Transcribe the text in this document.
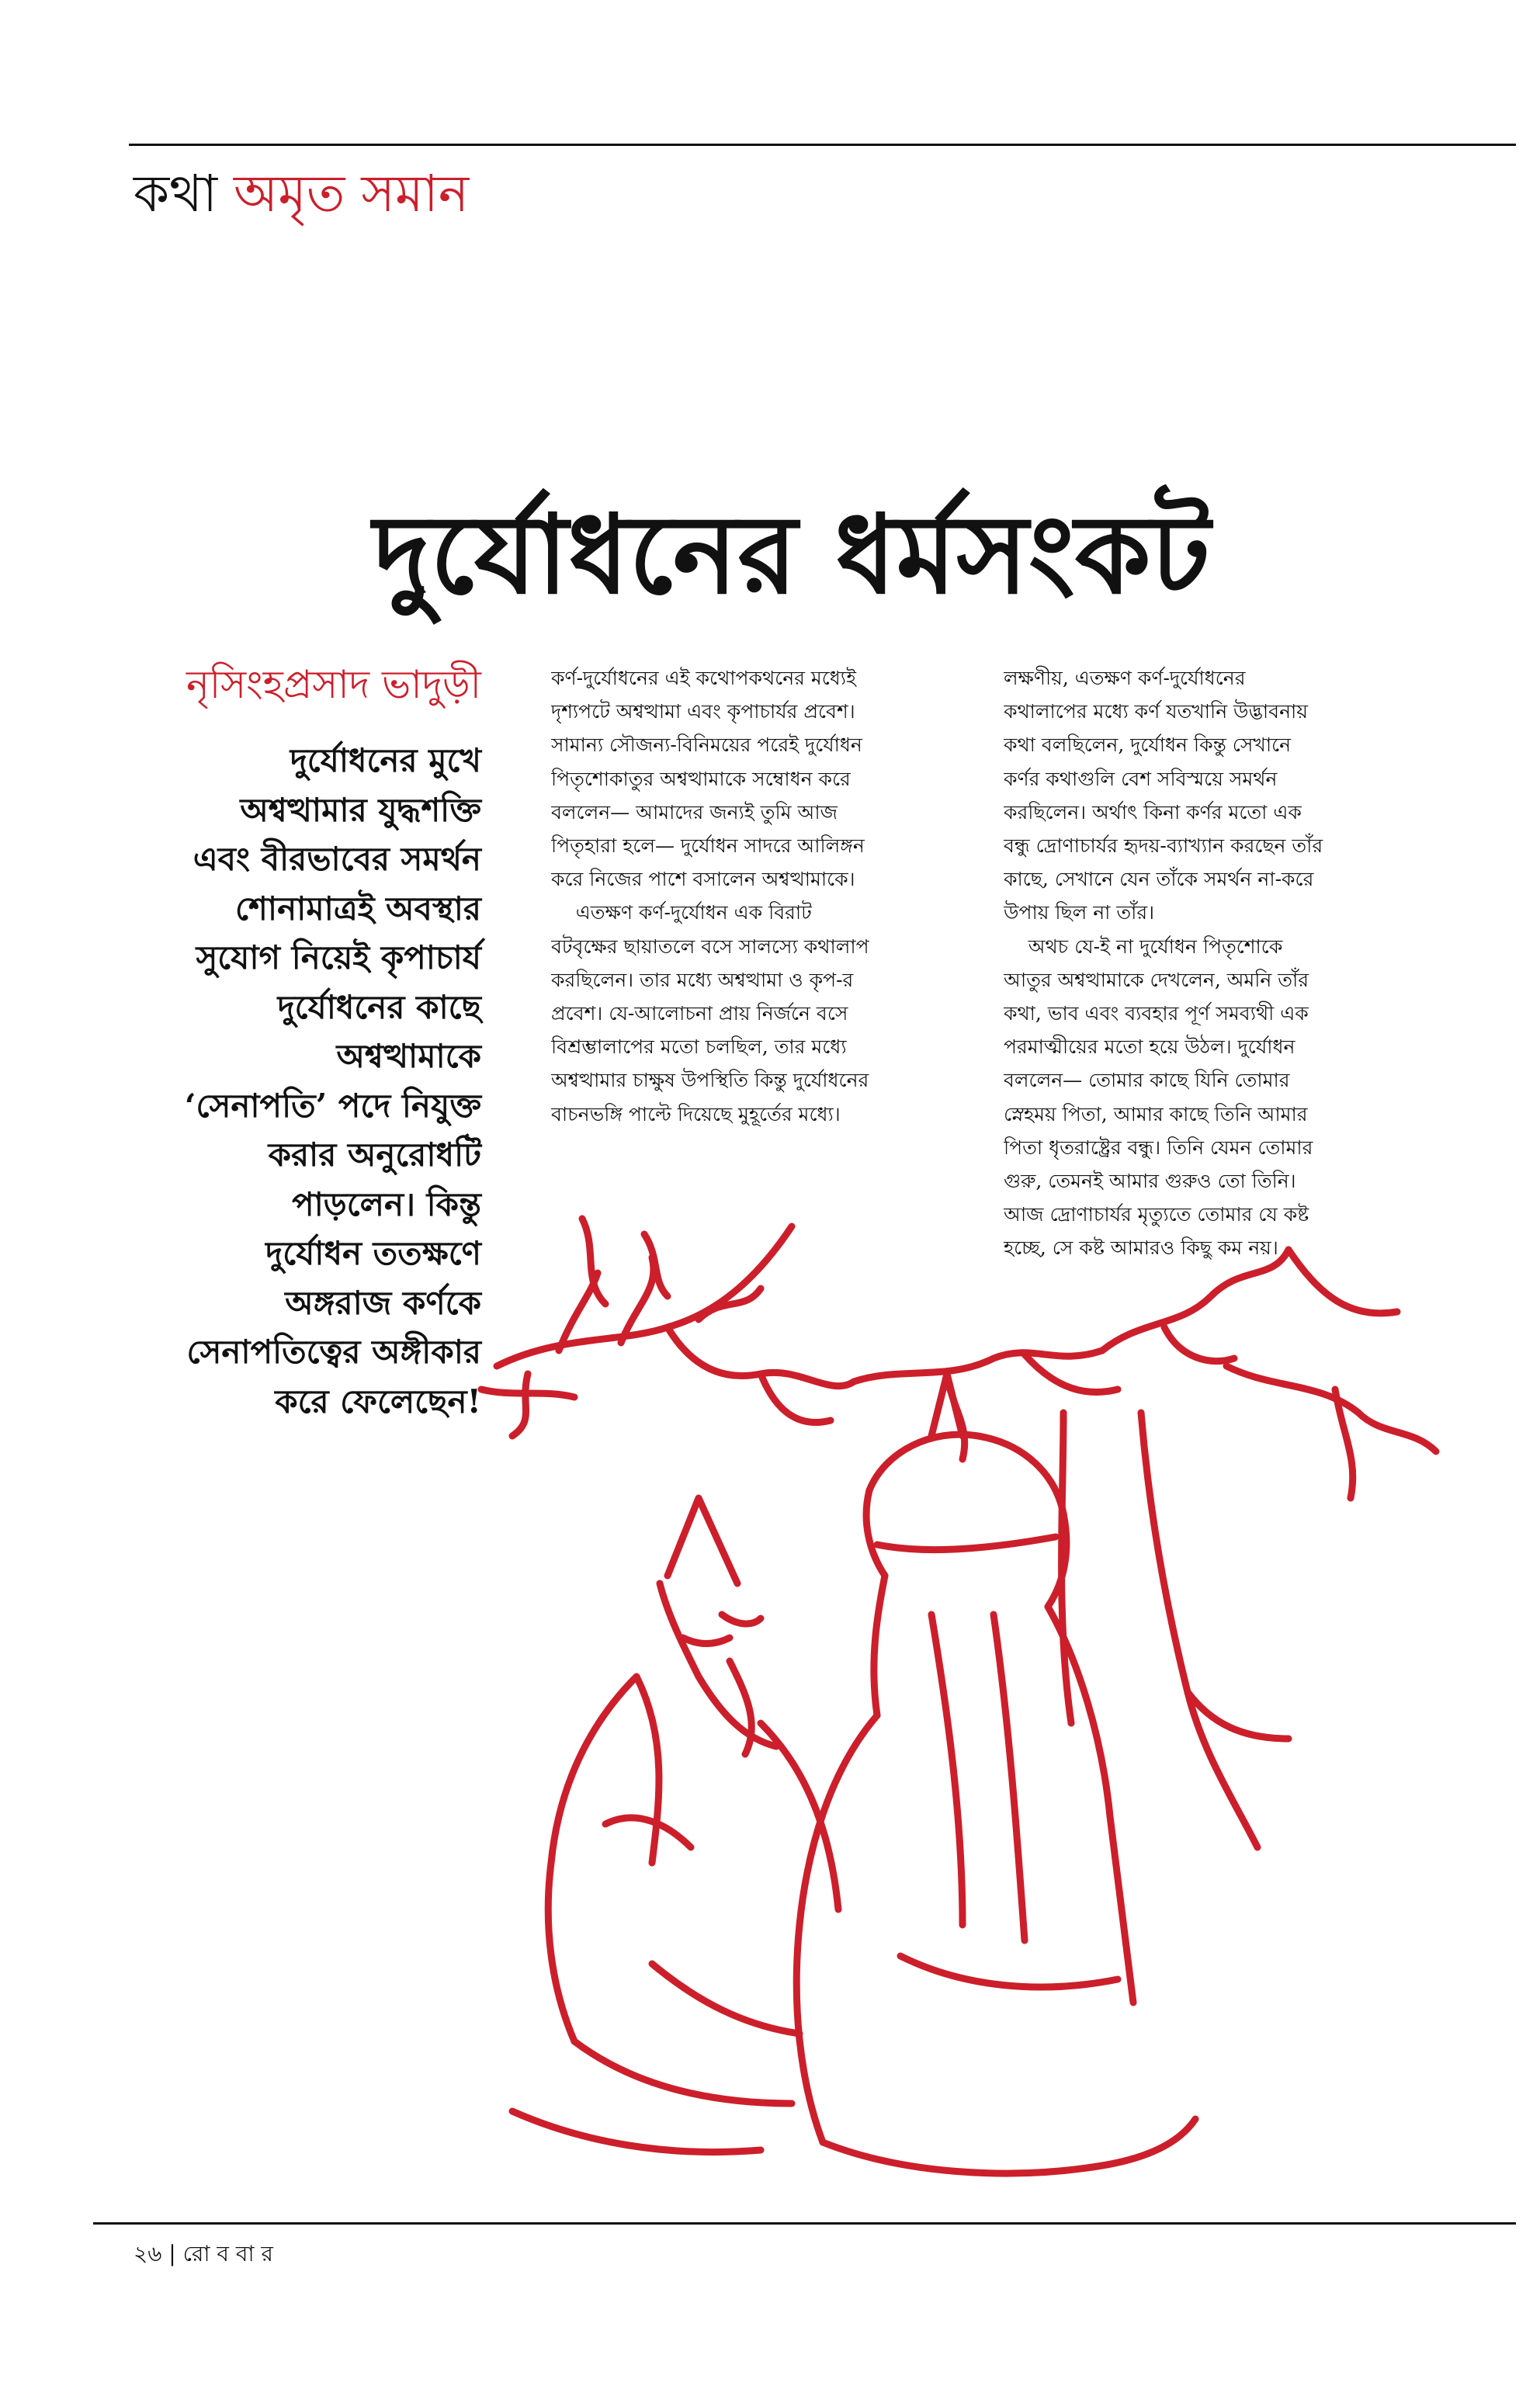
কথা অমৃত সমান
দুর্যোধনের ধর্মসংকট
নৃসিংহপ্রসাদ ভাদুড়ী
দুর্যোধনের মুখে
অশ্বত্থামার যুদ্ধশক্তি
এবং বীরভাবের সমর্থন
শোনামাত্রই অবস্থার
সুযোগ নিয়েই কৃপাচার্য
দুর্যোধনের কাছে
অশ্বত্থামাকে
‘সেনাপতি’ পদে নিযুক্ত
করার অনুরোধটি
পাড়লেন। কিন্তু
দুর্যোধন ততক্ষণে
অঙ্গরাজ কর্ণকে
সেনাপতিত্বের অঙ্গীকার
করে ফেলেছেন!
কর্ণ-দুর্যোধনের এই কথোপকথনের মধ্যেই
দৃশ্যপটে অশ্বত্থামা এবং কৃপাচার্যর প্রবেশ।
সামান্য সৌজন্য-বিনিময়ের পরেই দুর্যোধন
পিতৃশোকাতুর অশ্বত্থামাকে সম্বোধন করে
বললেন— আমাদের জন্যই তুমি আজ
পিতৃহারা হলে— দুর্যোধন সাদরে আলিঙ্গন
করে নিজের পাশে বসালেন অশ্বত্থামাকে।
এতক্ষণ কর্ণ-দুর্যোধন এক বিরাট
বটবৃক্ষের ছায়াতলে বসে সালস্যে কথালাপ
করছিলেন। তার মধ্যে অশ্বত্থামা ও কৃপ-র
প্রবেশ। যে-আলোচনা প্রায় নির্জনে বসে
বিশ্রম্ভালাপের মতো চলছিল, তার মধ্যে
অশ্বত্থামার চাক্ষুষ উপস্থিতি কিন্তু দুর্যোধনের
বাচনভঙ্গি পাল্টে দিয়েছে মুহূর্তের মধ্যে।
লক্ষণীয়, এতক্ষণ কর্ণ-দুর্যোধনের
কথালাপের মধ্যে কর্ণ যতখানি উদ্ভাবনায়
কথা বলছিলেন, দুর্যোধন কিন্তু সেখানে
কর্ণর কথাগুলি বেশ সবিস্ময়ে সমর্থন
করছিলেন। অর্থাৎ কিনা কর্ণর মতো এক
বন্ধু দ্রোণাচার্যর হৃদয়-ব্যাখ্যান করছেন তাঁর
কাছে, সেখানে যেন তাঁকে সমর্থন না-করে
উপায় ছিল না তাঁর।
অথচ যে-ই না দুর্যোধন পিতৃশোকে
আতুর অশ্বত্থামাকে দেখলেন, অমনি তাঁর
কথা, ভাব এবং ব্যবহার পূর্ণ সমব্যথী এক
পরমাত্মীয়ের মতো হয়ে উঠল। দুর্যোধন
বললেন— তোমার কাছে যিনি তোমার
স্নেহময় পিতা, আমার কাছে তিনি আমার
পিতা ধৃতরাষ্ট্রের বন্ধু। তিনি যেমন তোমার
গুরু, তেমনই আমার গুরুও তো তিনি।
আজ দ্রোণাচার্যর মৃত্যুতে তোমার যে কষ্ট
হচ্ছে, সে কষ্ট আমারও কিছু কম নয়।
২৬ | রো ব বা র
